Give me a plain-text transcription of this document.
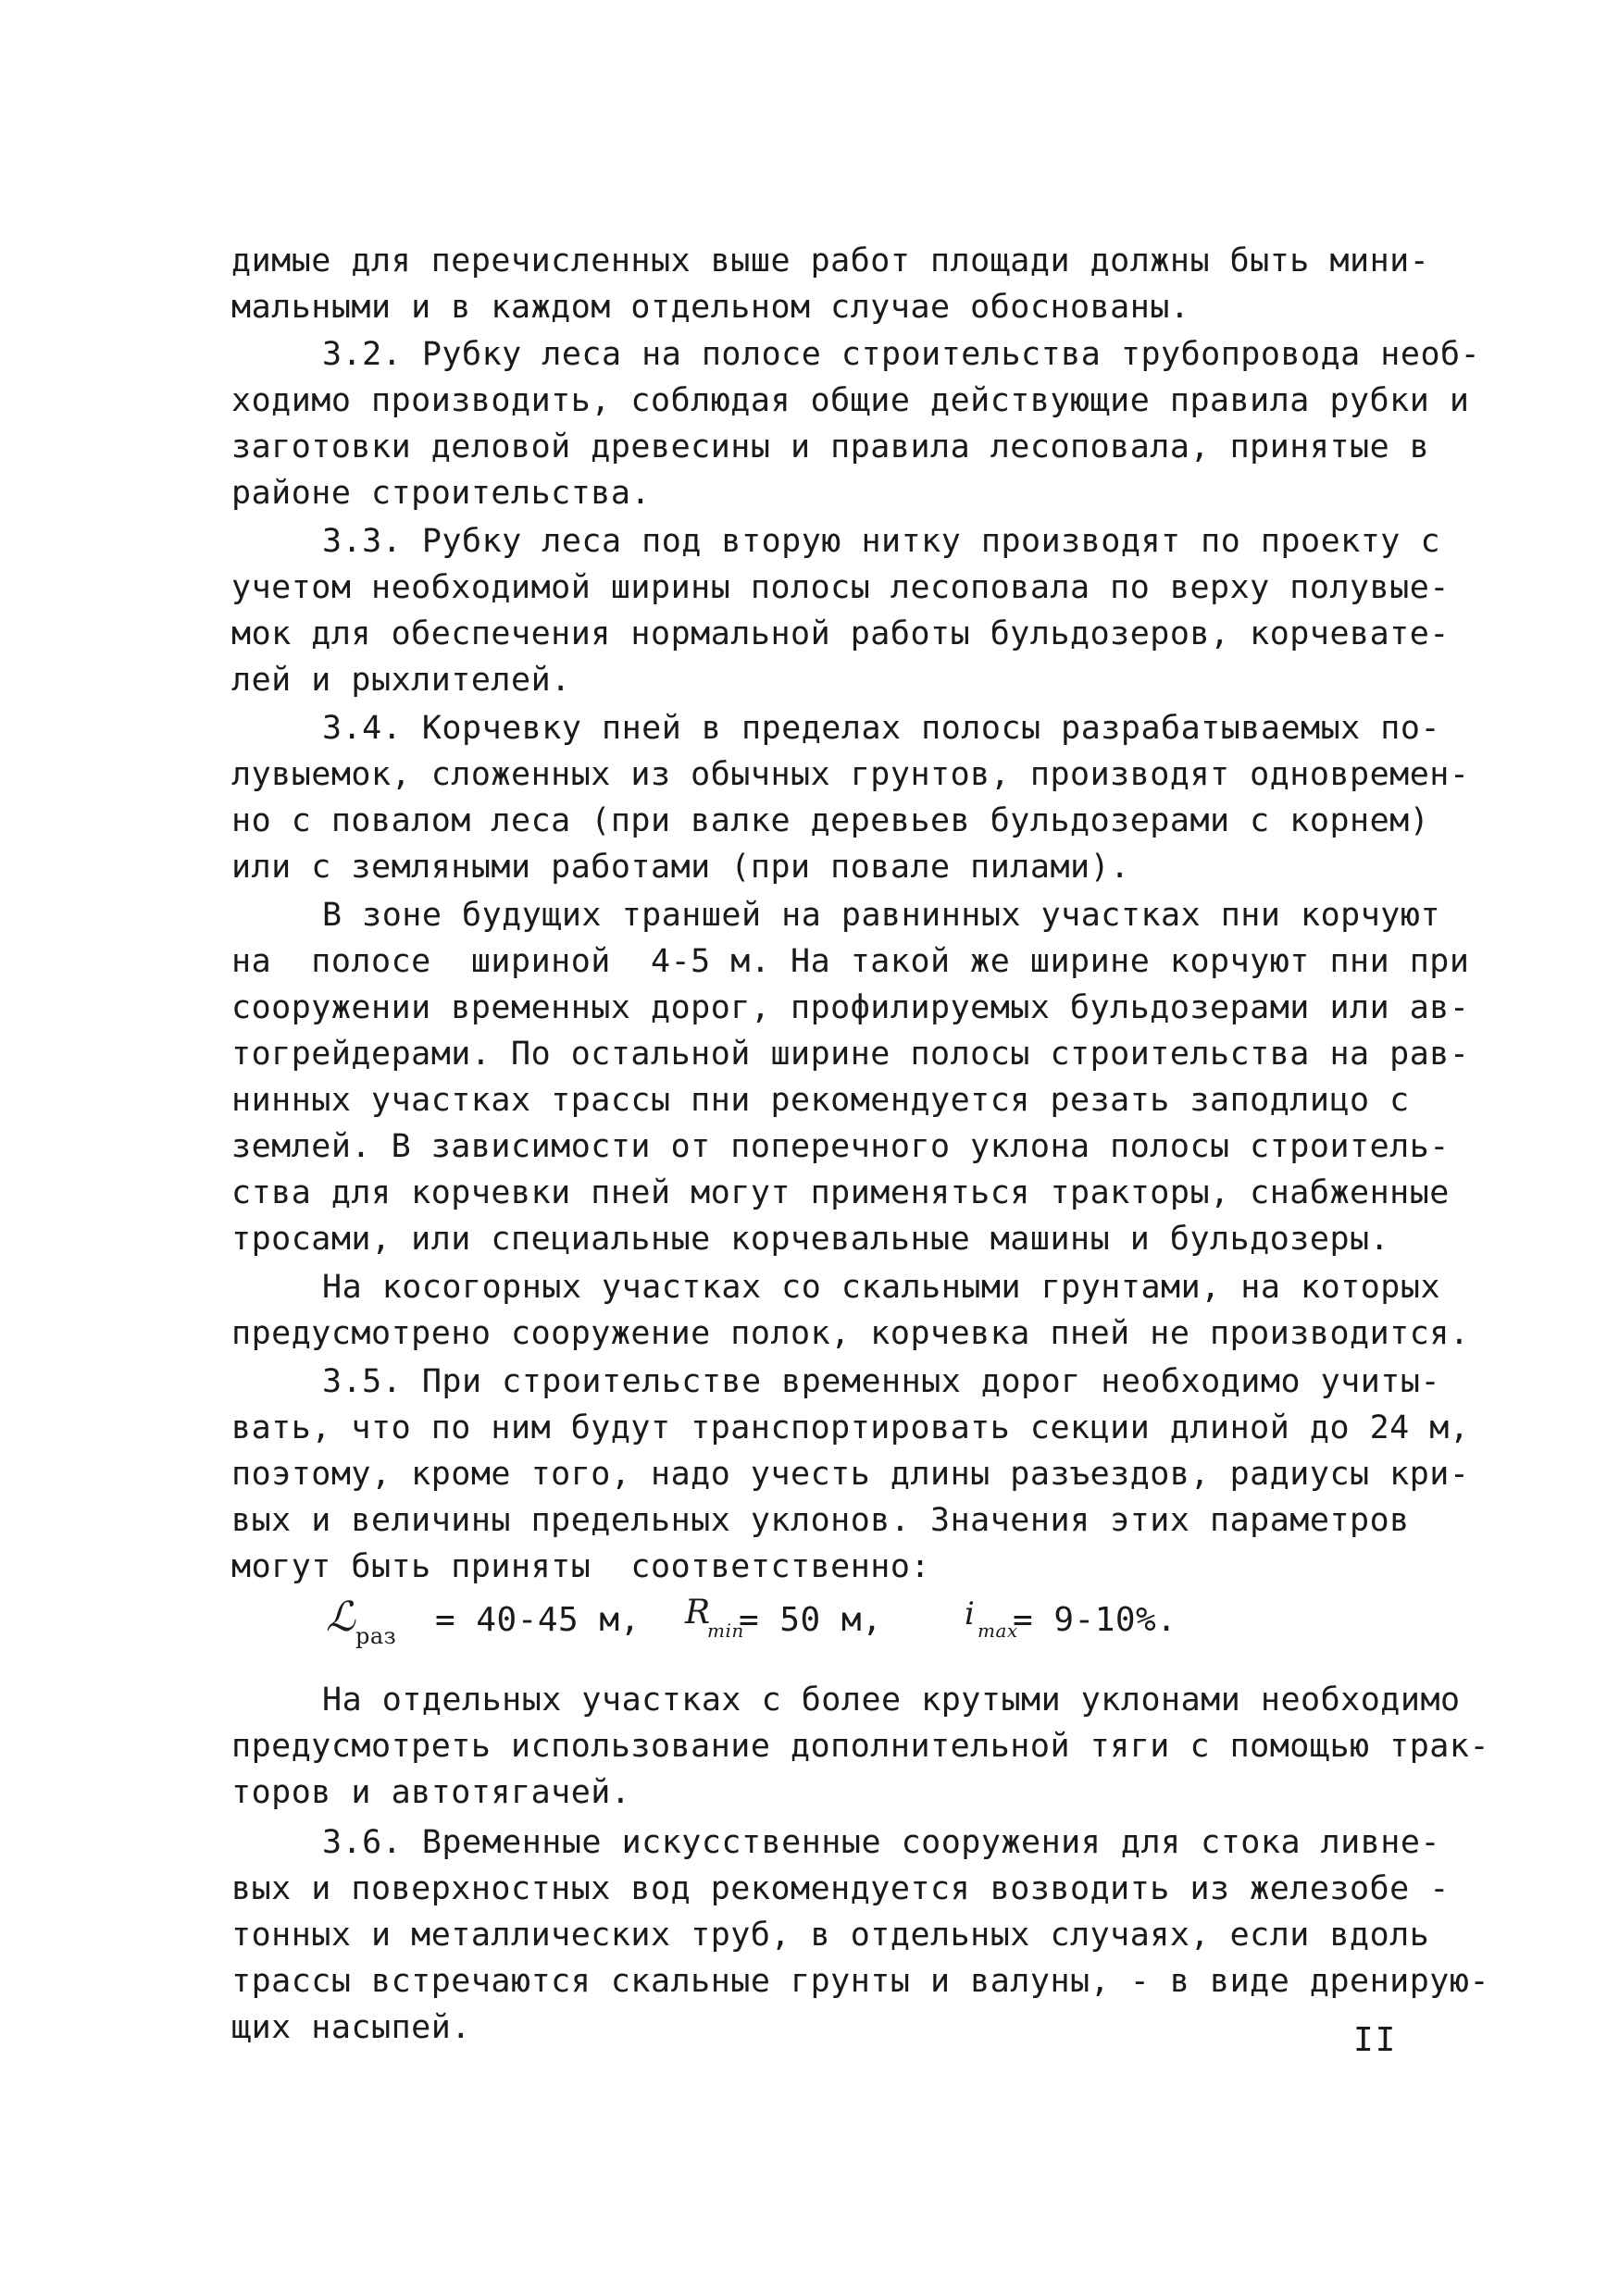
димые для перечисленных выше работ площади должны быть мини-
мальными и в каждом отдельном случае обоснованы.
3.2. Рубку леса на полосе строительства трубопровода необ-
ходимо производить, соблюдая общие действующие правила рубки и
заготовки деловой древесины и правила лесоповала, принятые в
районе строительства.
3.3. Рубку леса под вторую нитку производят по проекту с
учетом необходимой ширины полосы лесоповала по верху полувые-
мок для обеспечения нормальной работы бульдозеров, корчевате-
лей и рыхлителей.
3.4. Корчевку пней в пределах полосы разрабатываемых по-
лувыемок, сложенных из обычных грунтов, производят одновремен-
но с повалом леса (при валке деревьев бульдозерами с корнем)
или с земляными работами (при повале пилами).
В зоне будущих траншей на равнинных участках пни корчуют
на  полосе  шириной  4-5 м. На такой же ширине корчуют пни при
сооружении временных дорог, профилируемых бульдозерами или ав-
тогрейдерами. По остальной ширине полосы строительства на рав-
нинных участках трассы пни рекомендуется резать заподлицо с
землей. В зависимости от поперечного уклона полосы строитель-
ства для корчевки пней могут применяться тракторы, снабженные
тросами, или специальные корчевальные машины и бульдозеры.
На косогорных участках со скальными грунтами, на которых
предусмотрено сооружение полок, корчевка пней не производится.
3.5. При строительстве временных дорог необходимо учиты-
вать, что по ним будут транспортировать секции длиной до 24 м,
поэтому, кроме того, надо учесть длины разъездов, радиусы кри-
вых и величины предельных уклонов. Значения этих параметров
могут быть приняты  соответственно:
ℒ раз = 40-45 м, R
min
= 50 м,	i max
= 9-10%.
На отдельных участках с более крутыми уклонами необходимо
предусмотреть использование дополнительной тяги с помощью трак-
торов и автотягачей.
3.6. Временные искусственные сооружения для стока ливне-
вых и поверхностных вод рекомендуется возводить из железобе -
тонных и металлических труб, в отдельных случаях, если вдоль
трассы встречаются скальные грунты и валуны, - в виде дренирую-
щих насыпей.	II
